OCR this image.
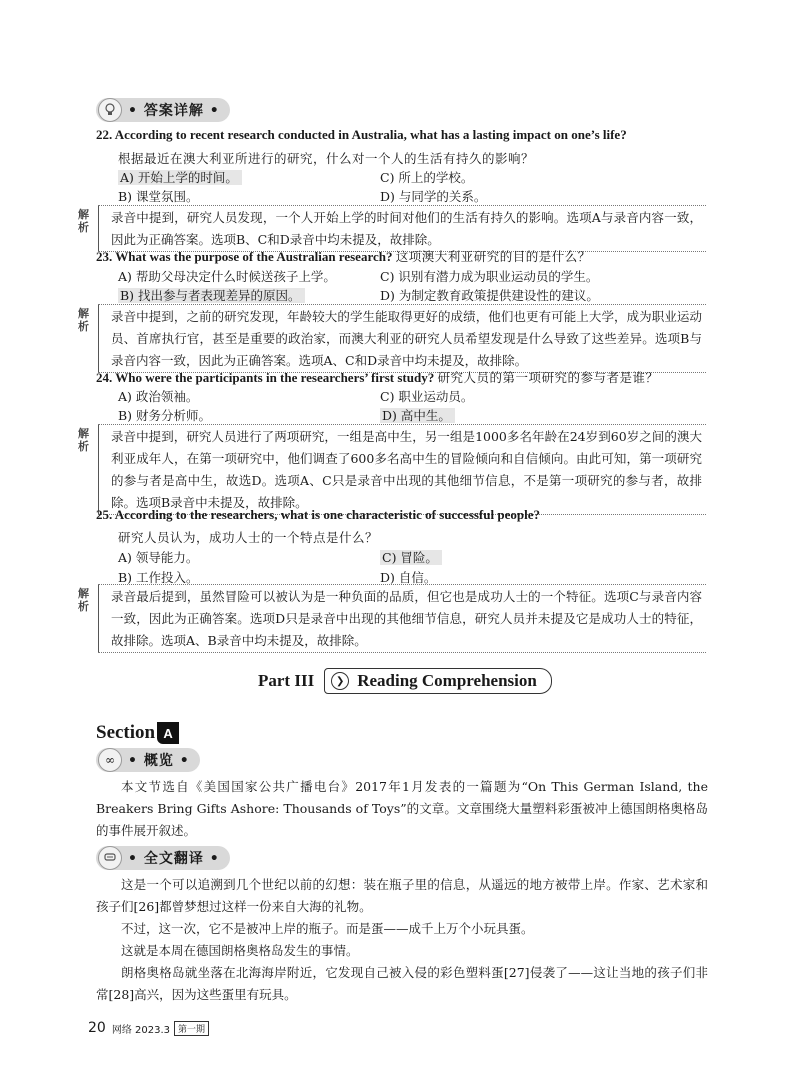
• 答案详解 •
22. According to recent research conducted in Australia, what has a lasting impact on one’s life?
根据最近在澳大利亚所进行的研究，什么对一个人的生活有持久的影响？
A) 开始上学的时间。	C) 所上的学校。
B) 课堂氛围。	D) 与同学的关系。
解析

录音中提到，研究人员发现，一个人开始上学的时间对他们的生活有持久的影响。选项A与录音内容一致，因此为正确答案。选项B、C和D录音中均未提及，故排除。

23. What was the purpose of the Australian research? 这项澳大利亚研究的目的是什么？
A) 帮助父母决定什么时候送孩子上学。	C) 识别有潜力成为职业运动员的学生。
B) 找出参与者表现差异的原因。	D) 为制定教育政策提供建设性的建议。
解析

录音中提到，之前的研究发现，年龄较大的学生能取得更好的成绩，他们也更有可能上大学，成为职业运动员、首席执行官，甚至是重要的政治家，而澳大利亚的研究人员希望发现是什么导致了这些差异。选项B与录音内容一致，因此为正确答案。选项A、C和D录音中均未提及，故排除。

24. Who were the participants in the researchers’ first study? 研究人员的第一项研究的参与者是谁？
A) 政治领袖。	C) 职业运动员。
B) 财务分析师。	D) 高中生。
解析

录音中提到，研究人员进行了两项研究，一组是高中生，另一组是1000多名年龄在24岁到60岁之间的澳大利亚成年人，在第一项研究中，他们调查了600多名高中生的冒险倾向和自信倾向。由此可知，第一项研究的参与者是高中生，故选D。选项A、C只是录音中出现的其他细节信息，不是第一项研究的参与者，故排除。选项B录音中未提及，故排除。

25. According to the researchers, what is one characteristic of successful people?
研究人员认为，成功人士的一个特点是什么？
A) 领导能力。	C) 冒险。
B) 工作投入。	D) 自信。
解析

录音最后提到，虽然冒险可以被认为是一种负面的品质，但它也是成功人士的一个特征。选项C与录音内容一致，因此为正确答案。选项D只是录音中出现的其他细节信息，研究人员并未提及它是成功人士的特征，故排除。选项A、B录音中均未提及，故排除。

Part III	❯ Reading Comprehension
Section A
∞ • 概览 •
本文节选自《美国国家公共广播电台》2017年1月发表的一篇题为“On This German Island, the Breakers Bring Gifts Ashore: Thousands of Toys”的文章。文章围绕大量塑料彩蛋被冲上德国朗格奥格岛的事件展开叙述。
• 全文翻译 •
这是一个可以追溯到几个世纪以前的幻想：装在瓶子里的信息，从遥远的地方被带上岸。作家、艺术家和孩子们[26]都曾梦想过这样一份来自大海的礼物。
不过，这一次，它不是被冲上岸的瓶子。而是蛋——成千上万个小玩具蛋。
这就是本周在德国朗格奥格岛发生的事情。
朗格奥格岛就坐落在北海海岸附近，它发现自己被入侵的彩色塑料蛋[27]侵袭了——这让当地的孩子们非常[28]高兴，因为这些蛋里有玩具。
20 网络 2023.3 第一期
